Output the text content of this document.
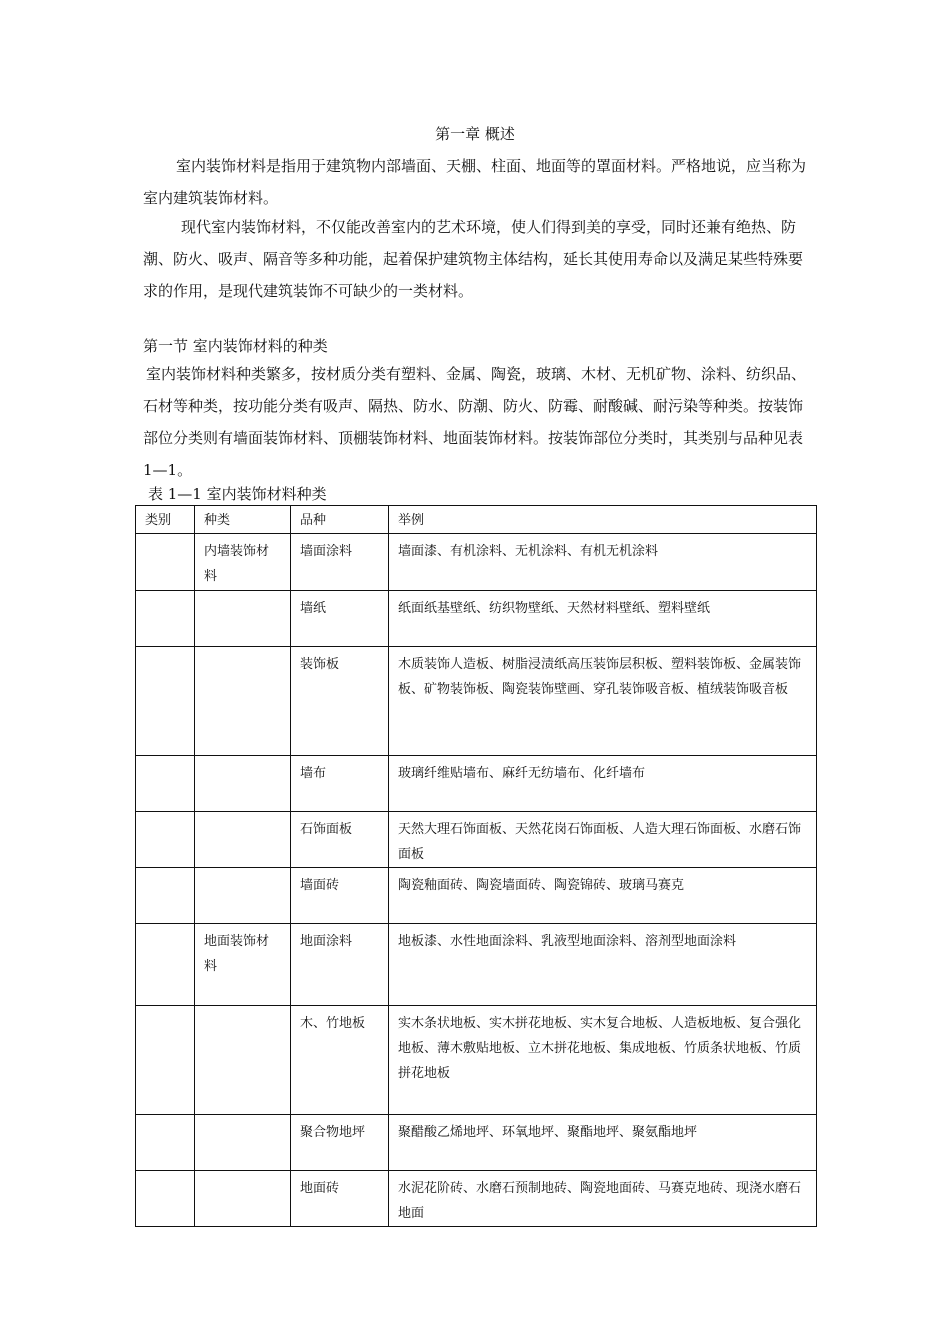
第一章 概述

室内装饰材料是指用于建筑物内部墙面、天棚、柱面、地面等的罩面材料。严格地说，应当称为室内建筑装饰材料。

现代室内装饰材料，不仅能改善室内的艺术环境，使人们得到美的享受，同时还兼有绝热、防潮、防火、吸声、隔音等多种功能，起着保护建筑物主体结构，延长其使用寿命以及满足某些特殊要求的作用，是现代建筑装饰不可缺少的一类材料。

第一节 室内装饰材料的种类

室内装饰材料种类繁多，按材质分类有塑料、金属、陶瓷，玻璃、木材、无机矿物、涂料、纺织品、石材等种类，按功能分类有吸声、隔热、防水、防潮、防火、防霉、耐酸碱、耐污染等种类。按装饰部位分类则有墙面装饰材料、顶棚装饰材料、地面装饰材料。按装饰部位分类时，其类别与品种见表 1—1。

表 1—1 室内装饰材料种类
类别	种类	品种	举例
	内墙装饰材料	墙面涂料	墙面漆、有机涂料、无机涂料、有机无机涂料
		墙纸	纸面纸基壁纸、纺织物壁纸、天然材料壁纸、塑料壁纸
		装饰板	木质装饰人造板、树脂浸渍纸高压装饰层积板、塑料装饰板、金属装饰板、矿物装饰板、陶瓷装饰壁画、穿孔装饰吸音板、植绒装饰吸音板
		墙布	玻璃纤维贴墙布、麻纤无纺墙布、化纤墙布
		石饰面板	天然大理石饰面板、天然花岗石饰面板、人造大理石饰面板、水磨石饰面板
		墙面砖	陶瓷釉面砖、陶瓷墙面砖、陶瓷锦砖、玻璃马赛克
	地面装饰材料	地面涂料	地板漆、水性地面涂料、乳液型地面涂料、溶剂型地面涂料
		木、竹地板	实木条状地板、实木拼花地板、实木复合地板、人造板地板、复合强化地板、薄木敷贴地板、立木拼花地板、集成地板、竹质条状地板、竹质拼花地板
		聚合物地坪	聚醋酸乙烯地坪、环氧地坪、聚酯地坪、聚氨酯地坪
		地面砖	水泥花阶砖、水磨石预制地砖、陶瓷地面砖、马赛克地砖、现浇水磨石地面
